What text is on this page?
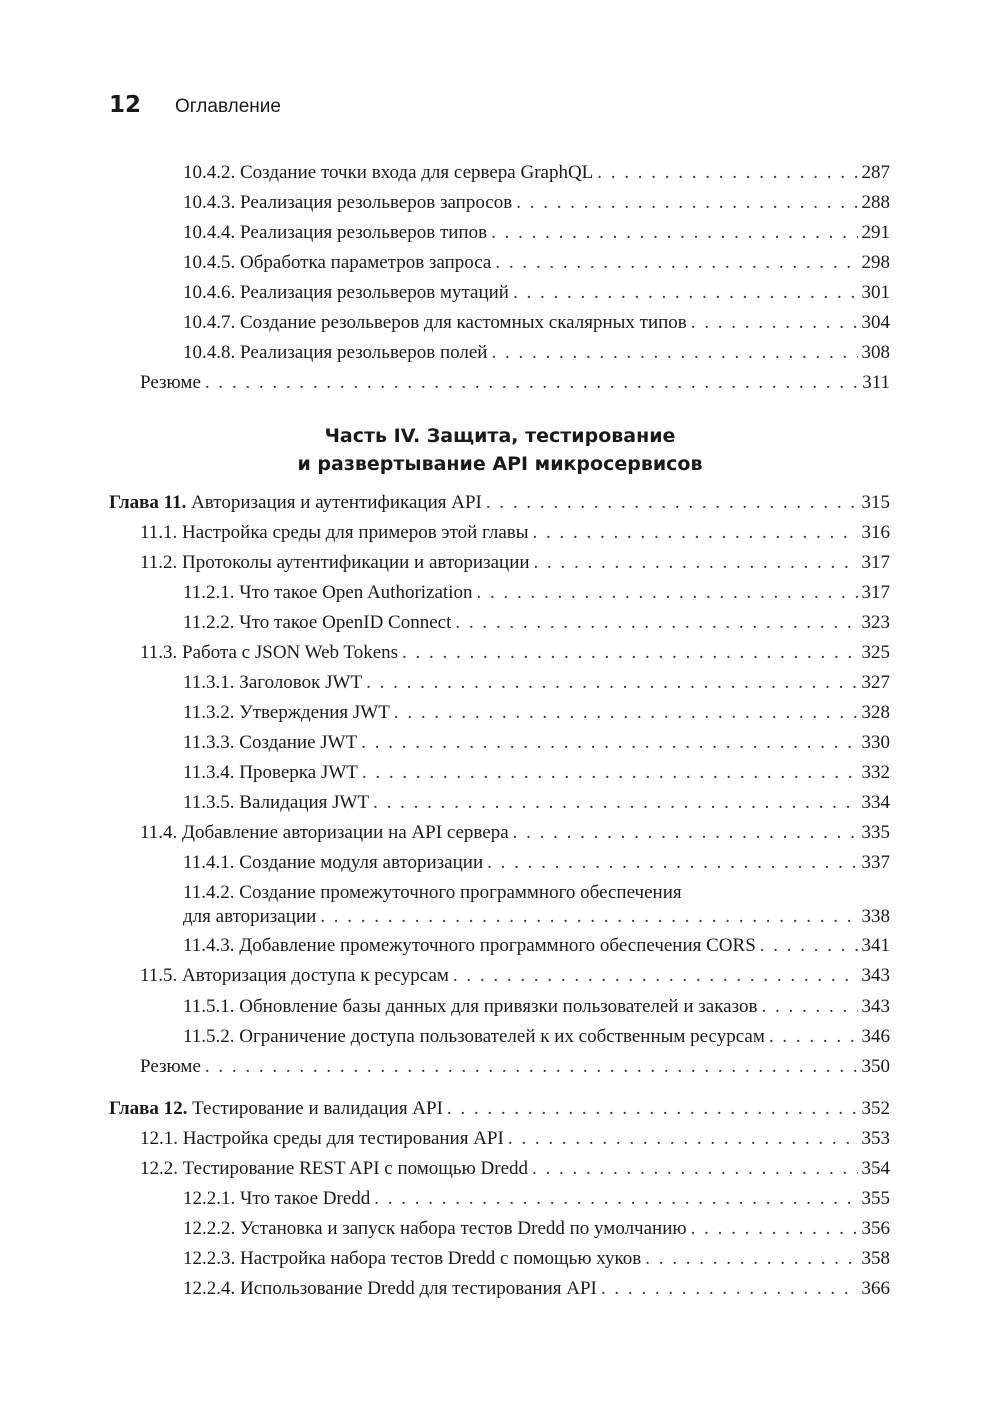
12	Оглавление
10.4.2. Создание точки входа для сервера GraphQL . . .	287
10.4.3. Реализация резольверов запросов . . .	288
10.4.4. Реализация резольверов типов . . .	291
10.4.5. Обработка параметров запроса . . .	298
10.4.6. Реализация резольверов мутаций . . .	301
10.4.7. Создание резольверов для кастомных скалярных типов . . .	304
10.4.8. Реализация резольверов полей . . .	308
Резюме . . .	311
Часть IV. Защита, тестирование
и развертывание API микросервисов
Глава 11. Авторизация и аутентификация API . . .	315
11.1. Настройка среды для примеров этой главы . . .	316
11.2. Протоколы аутентификации и авторизации . . .	317
11.2.1. Что такое Open Authorization . . .	317
11.2.2. Что такое OpenID Connect . . .	323
11.3. Работа с JSON Web Tokens . . .	325
11.3.1. Заголовок JWT . . .	327
11.3.2. Утверждения JWT . . .	328
11.3.3. Создание JWT . . .	330
11.3.4. Проверка JWT . . .	332
11.3.5. Валидация JWT . . .	334
11.4. Добавление авторизации на API сервера . . .	335
11.4.1. Создание модуля авторизации . . .	337
11.4.2. Создание промежуточного программного обеспечения
для авторизации . . .	338
11.4.3. Добавление промежуточного программного обеспечения CORS . . .	341
11.5. Авторизация доступа к ресурсам . . .	343
11.5.1. Обновление базы данных для привязки пользователей и заказов . . .	343
11.5.2. Ограничение доступа пользователей к их собственным ресурсам . . .	346
Резюме . . .	350
Глава 12. Тестирование и валидация API . . .	352
12.1. Настройка среды для тестирования API . . .	353
12.2. Тестирование REST API с помощью Dredd . . .	354
12.2.1. Что такое Dredd . . .	355
12.2.2. Установка и запуск набора тестов Dredd по умолчанию . . .	356
12.2.3. Настройка набора тестов Dredd с помощью хуков . . .	358
12.2.4. Использование Dredd для тестирования API . . .	366
